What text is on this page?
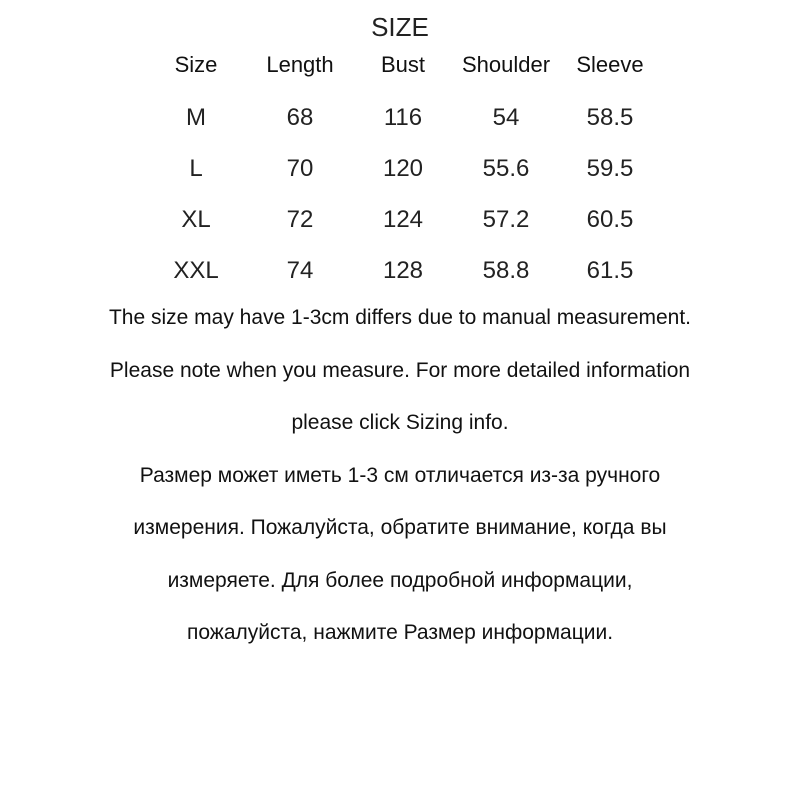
SIZE
Size Length Bust Shoulder Sleeve
M	68	116	54	58.5
L	70	120 55.6 59.5
XL	72	124 57.2 60.5
XXL	74	128 58.8 61.5

The size may have 1-3cm differs due to manual measurement.

Please note when you measure. For more detailed information

please click Sizing info.

Размер может иметь 1-3 см отличается из-за ручного

измерения. Пожалуйста, обратите внимание, когда вы

измеряете. Для более подробной информации,

пожалуйста, нажмите Размер информации.
